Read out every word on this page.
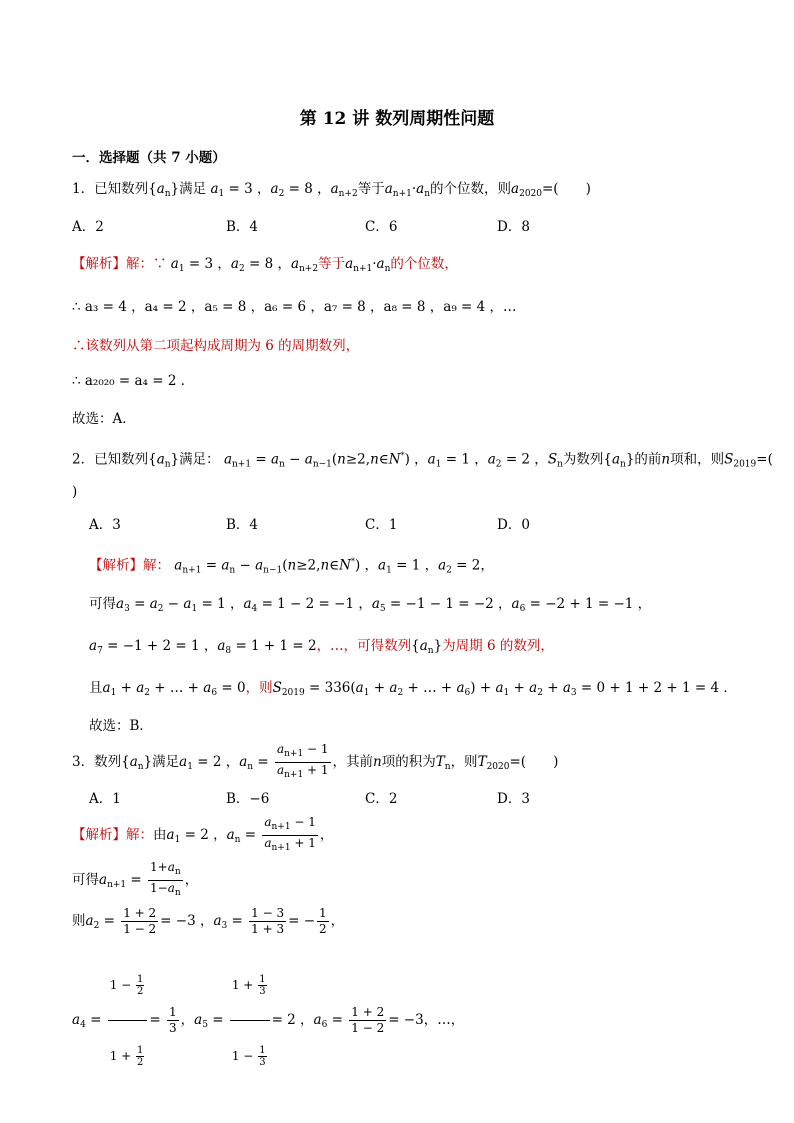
第 12 讲 数列周期性问题
一．选择题（共 7 小题）
1．已知数列$\{a_n\}$满足 $a_1 = 3$ ，$a_2 = 8$ ，$a_{n+2}$等于$a_{n+1}\cdot a_n$的个位数，则$a_{2020}=$(　　)
A．2	B．4	C．6	D．8
【解析】解：∵ $a_1 = 3$ ，$a_2 = 8$ ，$a_{n+2}$等于$a_{n+1}\cdot a_n$的个位数，
∴ a₃ = 4 ，a₄ = 2 ，a₅ = 8 ，a₆ = 6 ，a₇ = 8 ，a₈ = 8 ，a₉ = 4 ，…
∴该数列从第二项起构成周期为 6 的周期数列，
∴ a₂₀₂₀ = a₄ = 2 ．
故选：A．
2．已知数列$\{a_n\}$满足： $a_{n+1} = a_n$ − $a_{n-1}(n\ge 2,n\in N^*)$ ，$a_1 = 1$ ，$a_2 = 2$ ，$S_n$为数列$\{a_n\}$的前n项和，则$S_{2019}=$(
)
A．3	B．4	C．1	D．0
【解析】解： $a_{n+1} = a_n$ − $a_{n-1}(n\ge 2,n\in N^*)$ ，$a_1 = 1$ ，$a_2 = 2$，
可得$a_3 = a_2 - a_1 = 1$ ，$a_4 = 1 - 2 = -1$ ，$a_5 = -1 - 1 = -2$ ，$a_6 = -2 + 1 = -1$ ，
$a_7 = -1 + 2 = 1$ ，$a_8 = 1 + 1 = 2$，…，可得数列$\{a_n\}$为周期 6 的数列，
且$a_1 + a_2$ + … + $a_6 = 0$，则$S_{2019} = 336(a_1 + a_2$ + … + $a_6) + a_1 + a_2 + a_3 = 0 + 1 + 2 + 1 = 4$ ．
故选：B．
3．数列$\{a_n\}$满足$a_1 = 2$ ，$a_n = \frac{a_{n+1} - 1}{a_{n+1} + 1}$ ，其前n项的积为$T_n$，则$T_{2020}=$(　　)
A．1	B．−6	C．2	D．3
【解析】解：由$a_1 = 2$ ，$a_n = \frac{a_{n+1} - 1}{a_{n+1} + 1}$ ，
可得$a_{n+1} = \frac{1+a_n}{1-a_n}$ ，
则$a_2 = \frac{1 + 2}{1 - 2} = -3$ ，$a_3 = \frac{1 - 3}{1 + 3}$ = − $\frac{1}{2}$ ，
$a_4 = \frac{1 - \frac{1}{2}}{1 + \frac{1}{2}} = \frac{1}{3}$ ，$a_5 = \frac{1 + \frac{1}{3}}{1 - \frac{1}{3}} = 2$ ，$a_6 = \frac{1 + 2}{1 - 2} = -3$，…，
